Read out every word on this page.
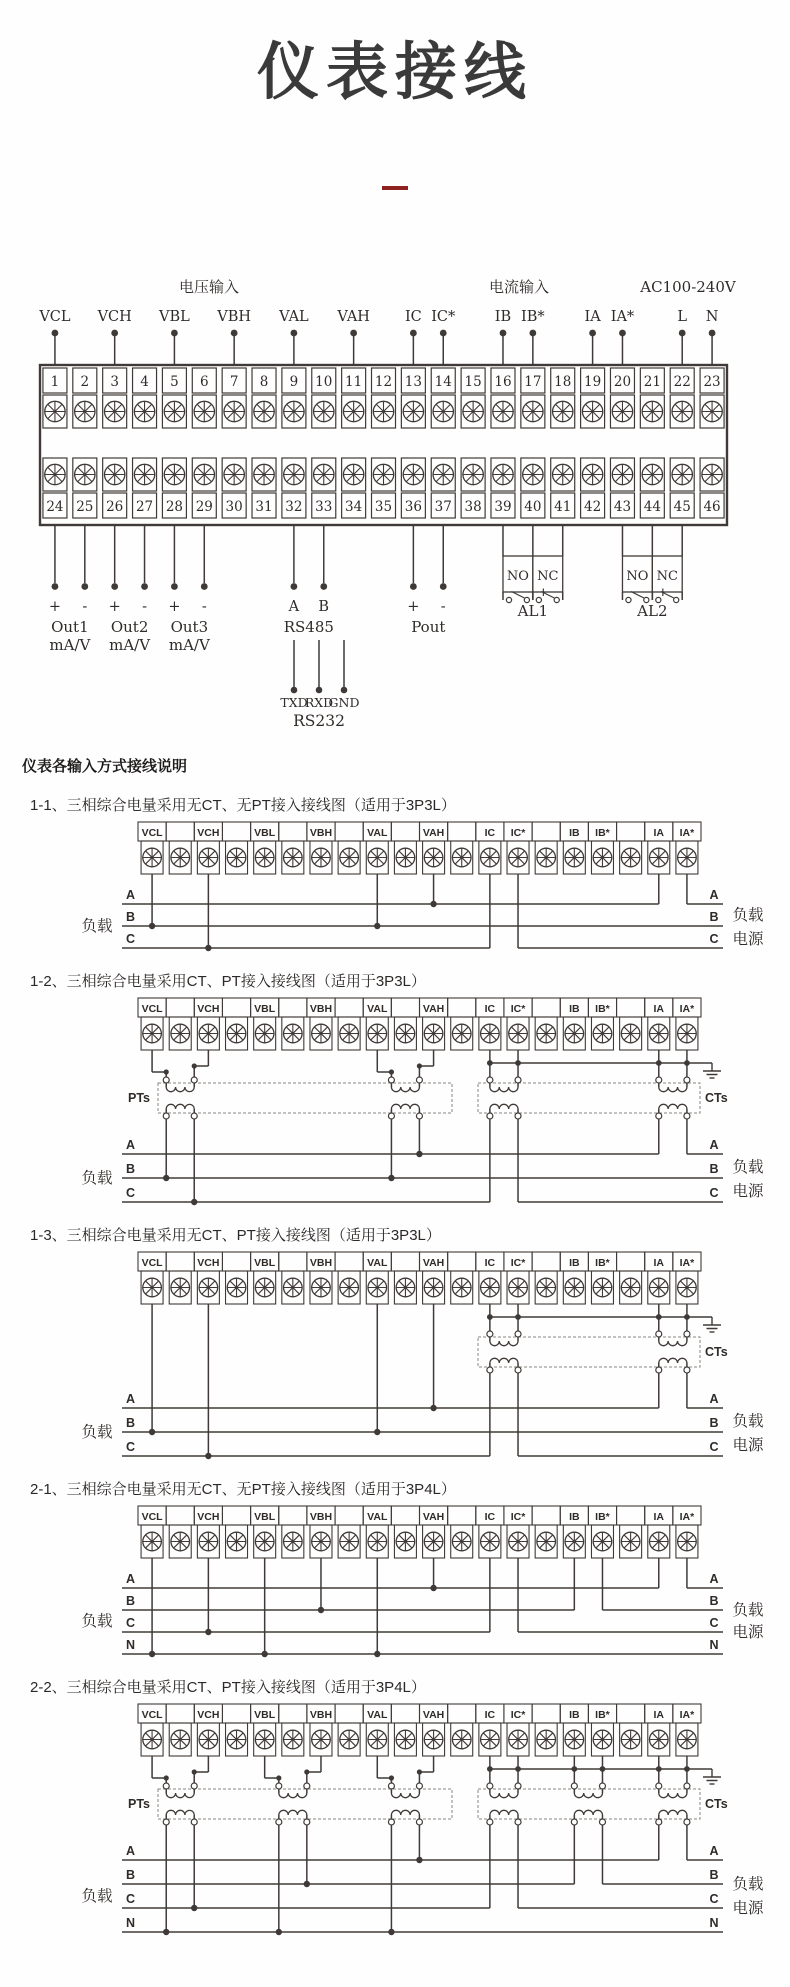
仪表接线
电压输入	电流输入	AC100-240V
VCL VCH VBL VBH VAL VAH IC IC*	IB IB*	IA IA*	L N
1 2 3 4 5 6 7 8 9 10 11 12 13 14 15 16 17 18 19 20 21 22 23
24 25 26 27 28 29 30 31 32 33 34 35 36 37 38 39 40 41 42 43 44 45 46
+ - + - + -	A B	+ -
Out1
mA/V
Out2
mA/V
Out3
mA/V
RS485	Pout
NO NC
AL1
NO NC
AL2
TXD
RXD
GND
RS232
VCL	VCH	VBL	VBH	VAL	VAH	IC IC*	IB IB*	IA IA*
A	A
B	B
C	C
负载
负载
电源
VCL	VCH	VBL	VBH	VAL	VAH	IC IC*	IB IB*	IA IA*
A	A
B	B
C	C
PTs	CTs
负载
负载
电源
VCL	VCH	VBL	VBH	VAL	VAH	IC IC*	IB IB*	IA IA*
A	A
B	B
C	C
CTs
负载
负载
电源
VCL	VCH	VBL	VBH	VAL	VAH	IC IC*	IB IB*	IA IA*
A	A
B	B
C	C
N	N
负载
负载
电源
VCL	VCH	VBL	VBH	VAL	VAH	IC IC*	IB IB*	IA IA*
A	A
B	B
C	C
N	N
PTs	CTs
负载
负载
电源
仪表各输入方式接线说明
1-1、三相综合电量采用无CT、无PT接入接线图（适用于3P3L）
1-2、三相综合电量采用CT、PT接入接线图（适用于3P3L）
1-3、三相综合电量采用无CT、PT接入接线图（适用于3P3L）
2-1、三相综合电量采用无CT、无PT接入接线图（适用于3P4L）
2-2、三相综合电量采用CT、PT接入接线图（适用于3P4L）
